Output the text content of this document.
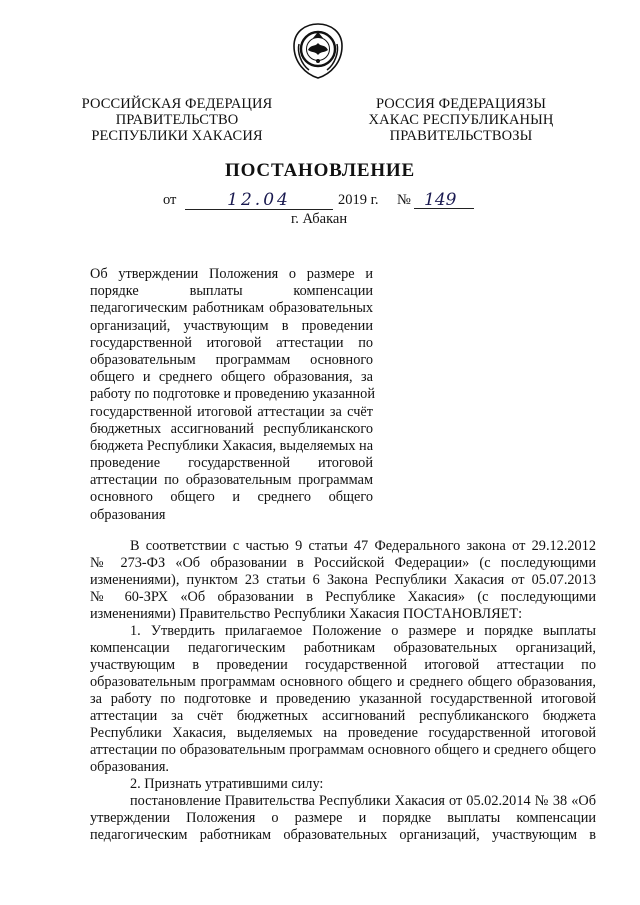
РОССИЙСКАЯ ФЕДЕРАЦИЯ
ПРАВИТЕЛЬСТВО
РЕСПУБЛИКИ ХАКАСИЯ
РОССИЯ ФЕДЕРАЦИЯЗЫ
ХАКАС РЕСПУБЛИКАНЫҢ
ПРАВИТЕЛЬСТВОЗЫ
ПОСТАНОВЛЕНИЕ
от	12.04	2019 г. № 149
г. Абакан
Об утверждении Положения о размере и
порядке выплаты компенсации
педагогическим работникам образовательных
организаций, участвующим в проведении
государственной итоговой аттестации по
образовательным программам основного
общего и среднего общего образования, за
работу по подготовке и проведению указанной
государственной итоговой аттестации за счёт
бюджетных ассигнований республиканского
бюджета Республики Хакасия, выделяемых на
проведение государственной итоговой
аттестации по образовательным программам
основного общего и среднего общего
образования
В соответствии с частью 9 статьи 47 Федерального закона от 29.12.2012
№ 273-ФЗ «Об образовании в Российской Федерации» (с последующими
изменениями), пунктом 23 статьи 6 Закона Республики Хакасия от 05.07.2013
№ 60-ЗРХ «Об образовании в Республике Хакасия» (с последующими
изменениями) Правительство Республики Хакасия ПОСТАНОВЛЯЕТ:
1. Утвердить прилагаемое Положение о размере и порядке выплаты
компенсации педагогическим работникам образовательных организаций,
участвующим в проведении государственной итоговой аттестации по
образовательным программам основного общего и среднего общего образования,
за работу по подготовке и проведению указанной государственной итоговой
аттестации за счёт бюджетных ассигнований республиканского бюджета
Республики Хакасия, выделяемых на проведение государственной итоговой
аттестации по образовательным программам основного общего и среднего общего
образования.
2. Признать утратившими силу:
постановление Правительства Республики Хакасия от 05.02.2014 № 38 «Об
утверждении Положения о размере и порядке выплаты компенсации
педагогическим работникам образовательных организаций, участвующим в
